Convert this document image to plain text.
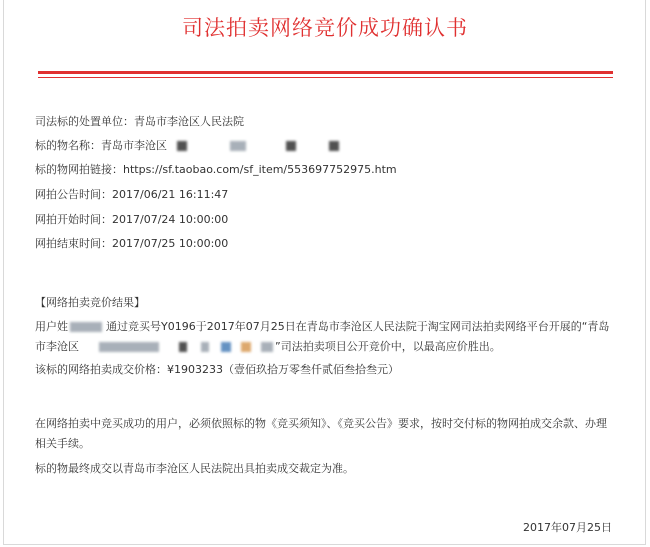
司法拍卖网络竞价成功确认书
司法标的处置单位：青岛市李沧区人民法院
标的物名称：青岛市李沧区
标的物网拍链接：https://sf.taobao.com/sf_item/553697752975.htm
网拍公告时间：2017/06/21 16:11:47
网拍开始时间：2017/07/24 10:00:00
网拍结束时间：2017/07/25 10:00:00
【网络拍卖竞价结果】
用户姓	通过竞买号Y0196于2017年07月25日在青岛市李沧区人民法院于淘宝网司法拍卖网络平台开展的“青岛
市李沧区	”司法拍卖项目公开竞价中，以最高应价胜出。
该标的网络拍卖成交价格：¥1903233（壹佰玖拾万零叁仟贰佰叁拾叁元）
在网络拍卖中竞买成功的用户，必须依照标的物《竞买须知》、《竞买公告》要求，按时交付标的物网拍成交余款、办理相关手续。
标的物最终成交以青岛市李沧区人民法院出具拍卖成交裁定为准。
2017年07月25日
